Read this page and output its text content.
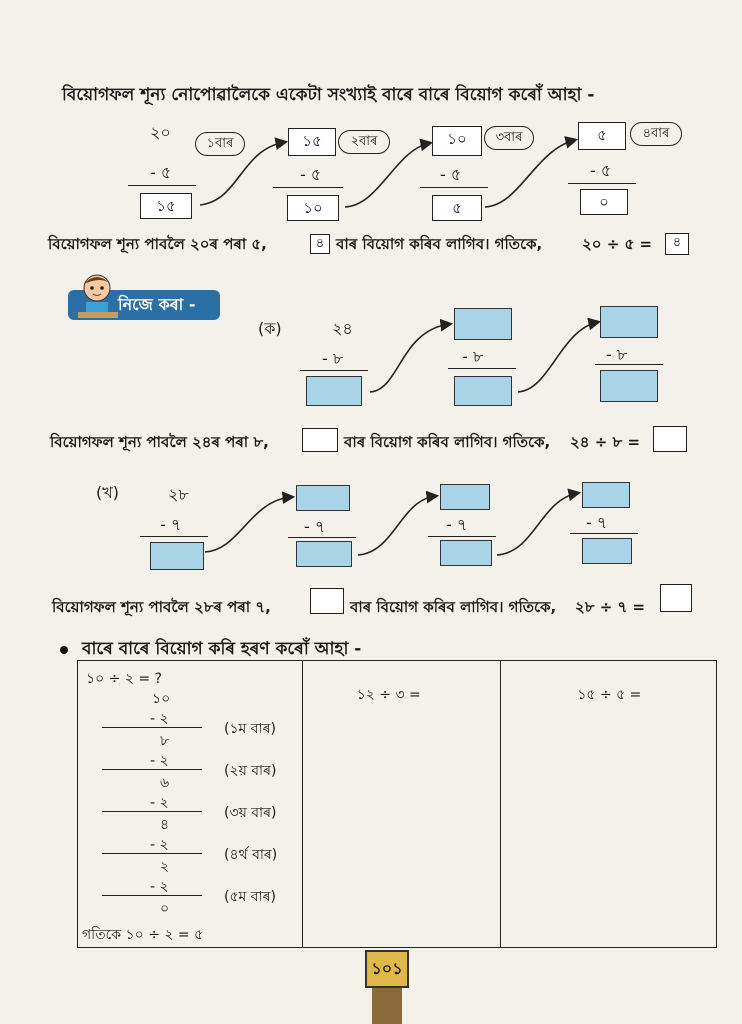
বিয়োগফল শূন্য নোপোৱালৈকে একেটা সংখ্যাই বাৰে বাৰে বিয়োগ কৰোঁ আহা -
২০
১বাৰ
- ৫
১৫
১৫	২বাৰ
- ৫
১০
১০	৩বাৰ
- ৫
৫
৫	৪বাৰ
- ৫
০
বিয়োগফল শূন্য পাবলৈ ২০ৰ পৰা ৫,	৪ বাৰ বিয়োগ কৰিব লাগিব। গতিকে,	২০ ÷ ৫ =	৪
নিজে কৰা -
(ক)	২৪
- ৮	- ৮	- ৮
বিয়োগফল শূন্য পাবলৈ ২৪ৰ পৰা ৮,	বাৰ বিয়োগ কৰিব লাগিব। গতিকে, ২৪ ÷ ৮ =
(খ)	২৮
- ৭	- ৭	- ৭	- ৭
বিয়োগফল শূন্য পাবলৈ ২৮ৰ পৰা ৭,	বাৰ বিয়োগ কৰিব লাগিব। গতিকে, ২৮ ÷ ৭ =
বাৰে বাৰে বিয়োগ কৰি হৰণ কৰোঁ আহা -
১০ ÷ ২ = ?
১০
- ২
(১ম বাৰ)
৮
- ২
(২য় বাৰ)
৬
- ২
(৩য় বাৰ)
৪
- ২
(৪ৰ্থ বাৰ)
২
- ২
(৫ম বাৰ)
০
গতিকে ১০ ÷ ২ = ৫
১২ ÷ ৩ =	১৫ ÷ ৫ =
১০১
